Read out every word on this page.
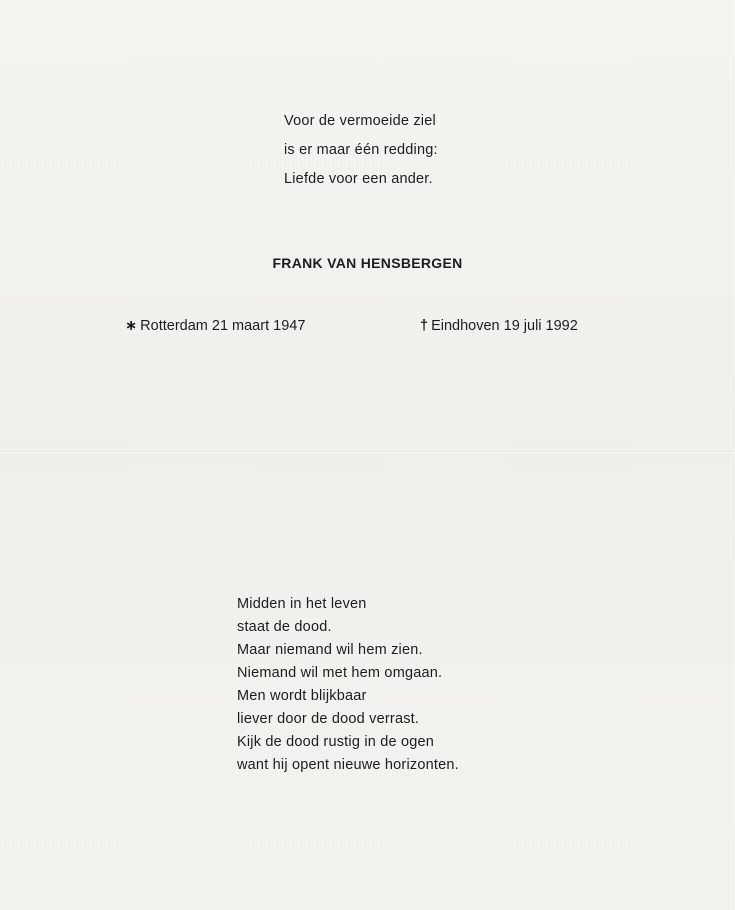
Voor de vermoeide ziel
is er maar één redding:
Liefde voor een ander.
FRANK VAN HENSBERGEN
∗ Rotterdam 21 maart 1947	† Eindhoven 19 juli 1992
Midden in het leven
staat de dood.
Maar niemand wil hem zien.
Niemand wil met hem omgaan.
Men wordt blijkbaar
liever door de dood verrast.
Kijk de dood rustig in de ogen
want hij opent nieuwe horizonten.
